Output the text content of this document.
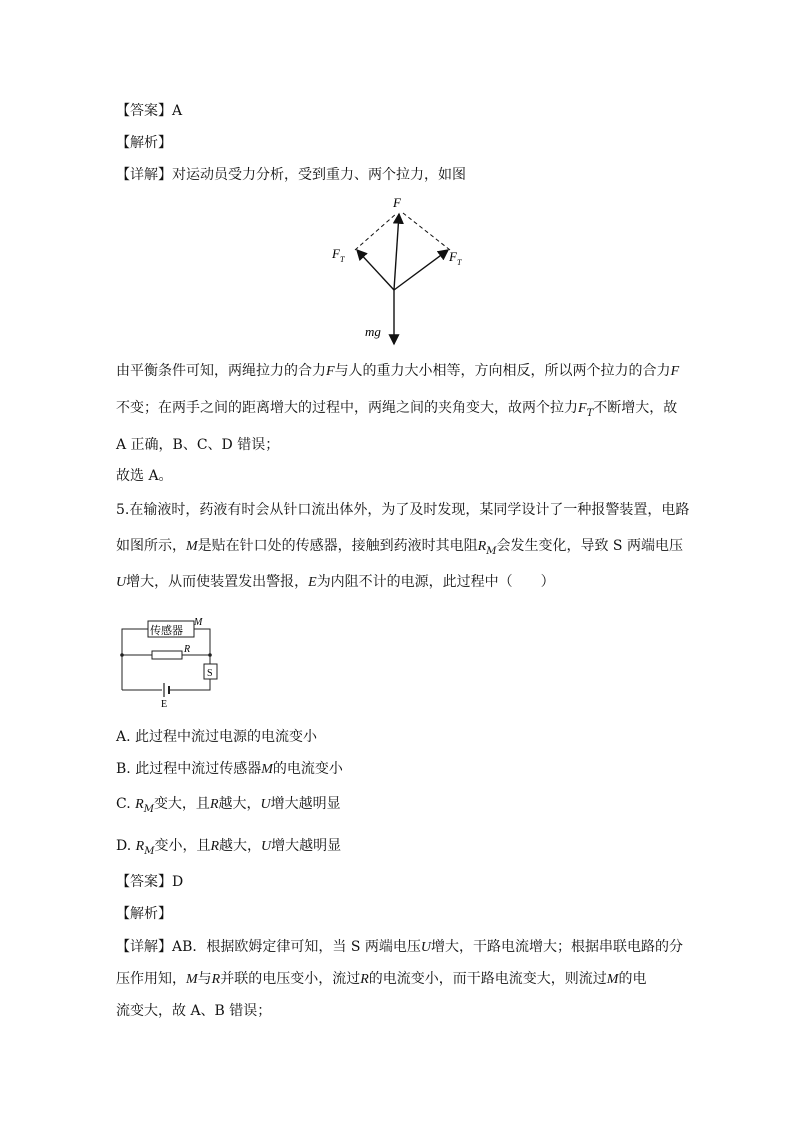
【答案】A
【解析】
【详解】对运动员受力分析，受到重力、两个拉力，如图
F
$F_T$	$F_T$
mg
由平衡条件可知，两绳拉力的合力F与人的重力大小相等，方向相反，所以两个拉力的合力F
不变；在两手之间的距离增大的过程中，两绳之间的夹角变大，故两个拉力$F_T$不断增大，故
A 正确，B、C、D 错误；
故选 A。
5.在输液时，药液有时会从针口流出体外，为了及时发现，某同学设计了一种报警装置，电路
如图所示，M是贴在针口处的传感器，接触到药液时其电阻$R_M$会发生变化，导致 S 两端电压
U增大，从而使装置发出警报，E为内阻不计的电源，此过程中（　　）
传感器
M
R
S
E
A. 此过程中流过电源的电流变小
B. 此过程中流过传感器M的电流变小
C. $R_M$变大，且R越大，U增大越明显
D. $R_M$变小，且R越大，U增大越明显
【答案】D
【解析】
【详解】AB．根据欧姆定律可知，当 S 两端电压U增大，干路电流增大；根据串联电路的分
压作用知，M与R并联的电压变小，流过R的电流变小，而干路电流变大，则流过M的电
流变大，故 A、B 错误；
